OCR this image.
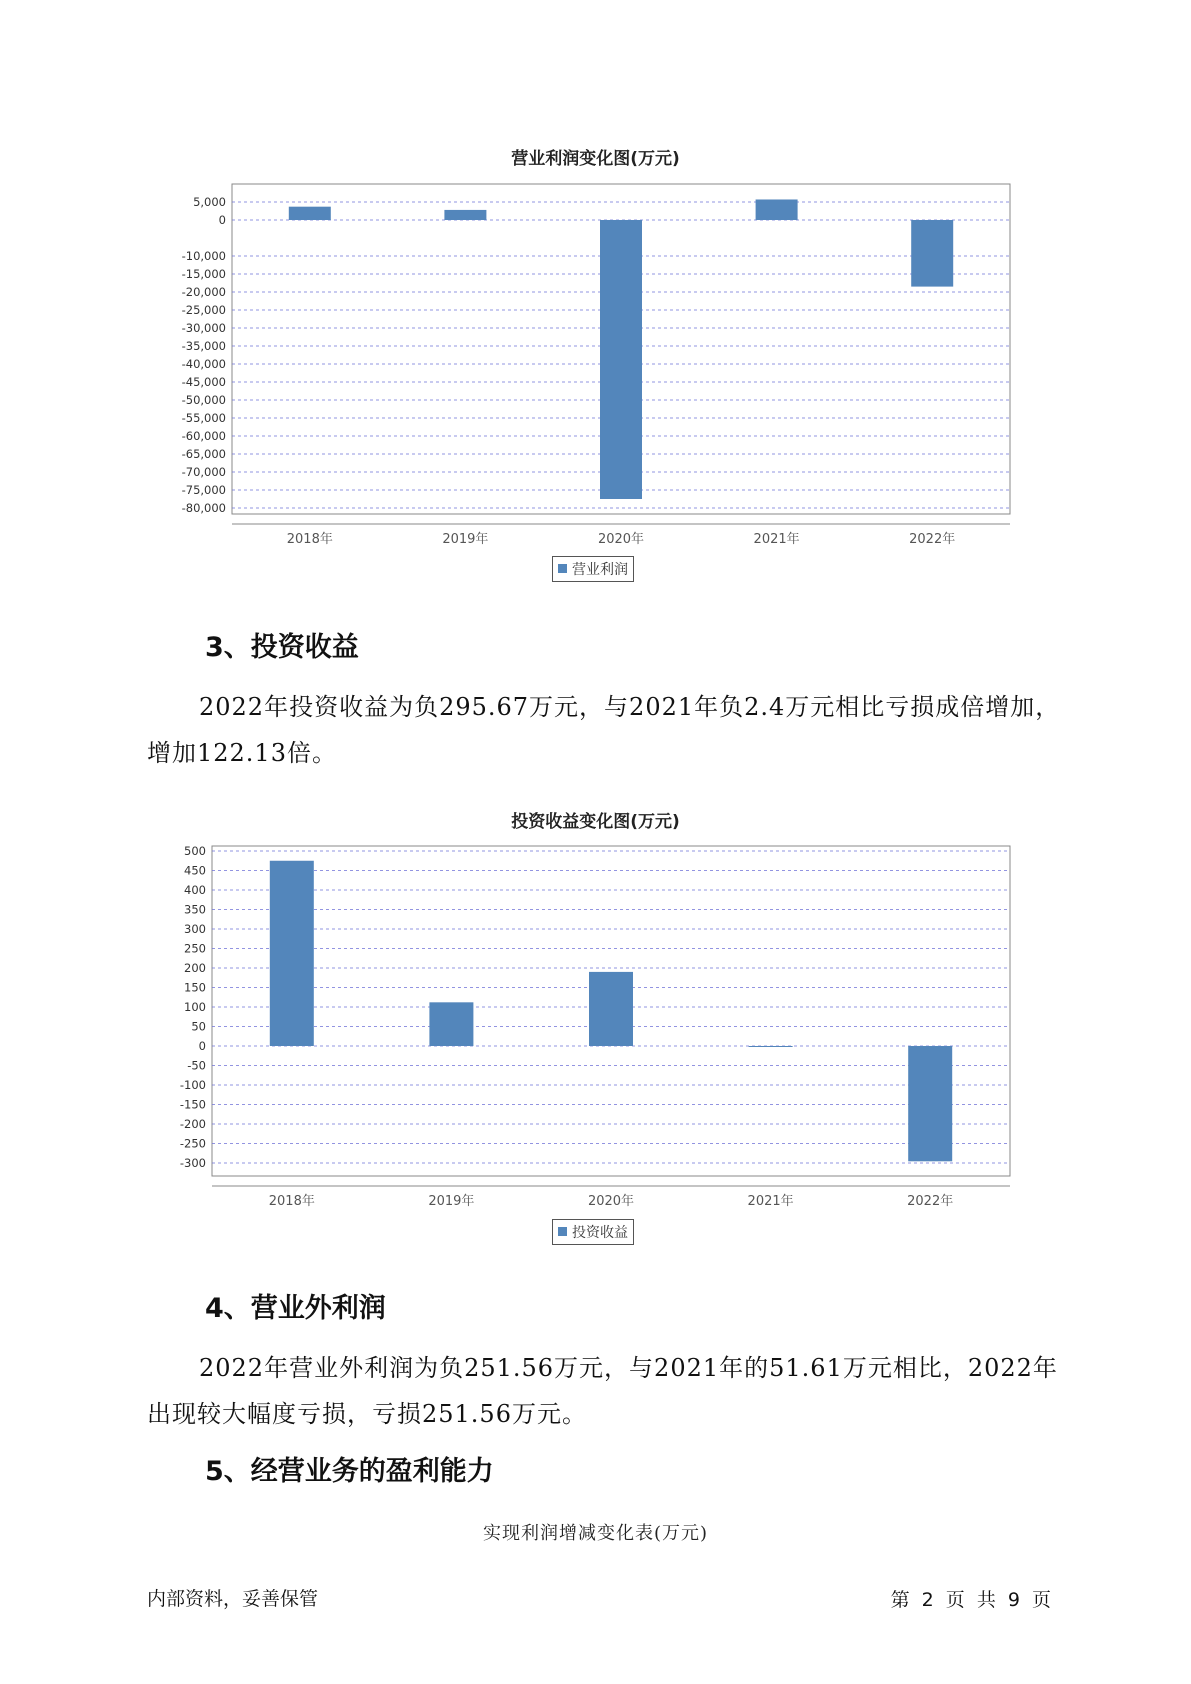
营业利润变化图(万元)
5,000
0
-10,000
-15,000
-20,000
-25,000
-30,000
-35,000
-40,000
-45,000
-50,000
-55,000
-60,000
-65,000
-70,000
-75,000
-80,000
2018年	2019年	2020年	2021年	2022年
营业利润
3、投资收益

2022年投资收益为负295.67万元，与2021年负2.4万元相比亏损成倍增加，增加122.13倍。

投资收益变化图(万元)
500
450
400
350
300
250
200
150
100
50
0
-50
-100
-150
-200
-250
-300
2018年	2019年	2020年	2021年	2022年
投资收益
4、营业外利润

2022年营业外利润为负251.56万元，与2021年的51.61万元相比，2022年出现较大幅度亏损，亏损251.56万元。

5、经营业务的盈利能力
实现利润增减变化表(万元)
内部资料，妥善保管	第 2 页 共 9 页
